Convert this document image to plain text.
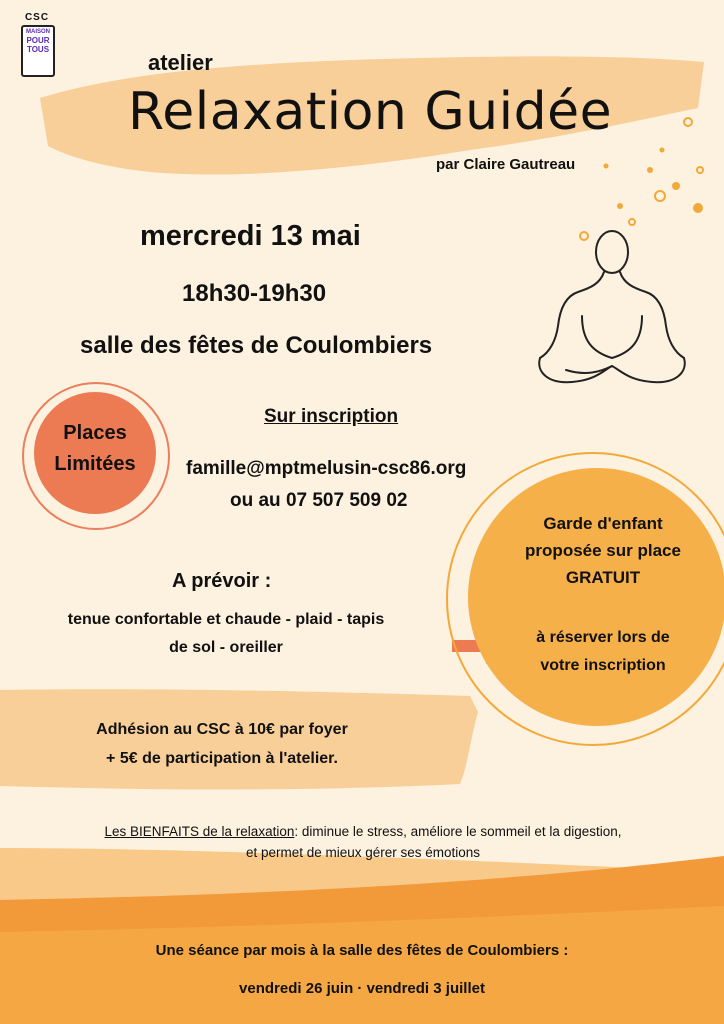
CSC
MAISON
POUR
TOUS
atelier
Relaxation Guidée
par Claire Gautreau
mercredi 13 mai
18h30-19h30
salle des fêtes de Coulombiers
Places
Limitées
Sur inscription
famille@mptmelusin-csc86.org
ou au 07 507 509 02
Garde d'enfant
proposée sur place
GRATUIT
à réserver lors de
votre inscription
A prévoir :
tenue confortable et chaude - plaid - tapis
de sol - oreiller
Adhésion au CSC à 10€ par foyer
+ 5€ de participation à l'atelier.
Les BIENFAITS de la relaxation: diminue le stress, améliore le sommeil et la digestion,
et permet de mieux gérer ses émotions
Une séance par mois à la salle des fêtes de Coulombiers :
vendredi 26 juin · vendredi 3 juillet
